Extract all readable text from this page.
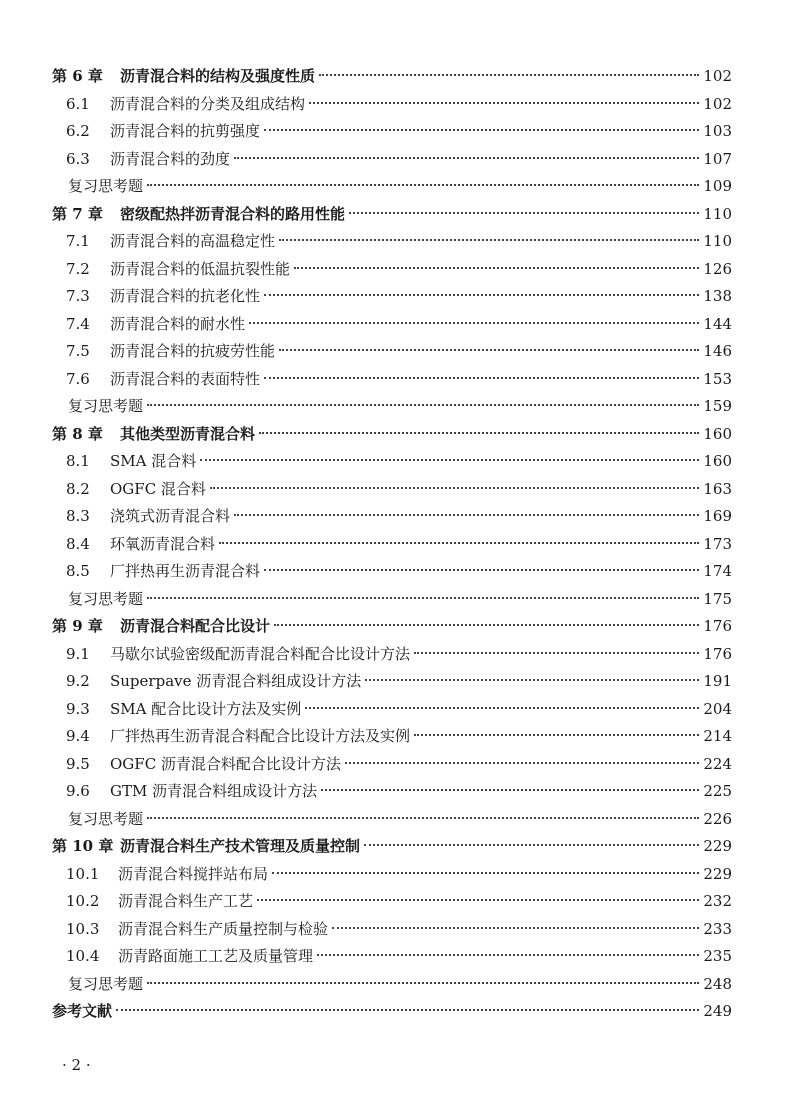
第 6 章	沥青混合料的结构及强度性质	102
6.1	沥青混合料的分类及组成结构	102
6.2	沥青混合料的抗剪强度	103
6.3	沥青混合料的劲度	107
复习思考题	109
第 7 章	密级配热拌沥青混合料的路用性能	110
7.1	沥青混合料的高温稳定性	110
7.2	沥青混合料的低温抗裂性能	126
7.3	沥青混合料的抗老化性	138
7.4	沥青混合料的耐水性	144
7.5	沥青混合料的抗疲劳性能	146
7.6	沥青混合料的表面特性	153
复习思考题	159
第 8 章	其他类型沥青混合料	160
8.1	SMA 混合料	160
8.2	OGFC 混合料	163
8.3	浇筑式沥青混合料	169
8.4	环氧沥青混合料	173
8.5	厂拌热再生沥青混合料	174
复习思考题	175
第 9 章	沥青混合料配合比设计	176
9.1	马歇尔试验密级配沥青混合料配合比设计方法	176
9.2	Superpave 沥青混合料组成设计方法	191
9.3	SMA 配合比设计方法及实例	204
9.4	厂拌热再生沥青混合料配合比设计方法及实例	214
9.5	OGFC 沥青混合料配合比设计方法	224
9.6	GTM 沥青混合料组成设计方法	225
复习思考题	226
第 10 章 沥青混合料生产技术管理及质量控制	229
10.1	沥青混合料搅拌站布局	229
10.2	沥青混合料生产工艺	232
10.3	沥青混合料生产质量控制与检验	233
10.4	沥青路面施工工艺及质量管理	235
复习思考题	248
参考文献	249
· 2 ·
